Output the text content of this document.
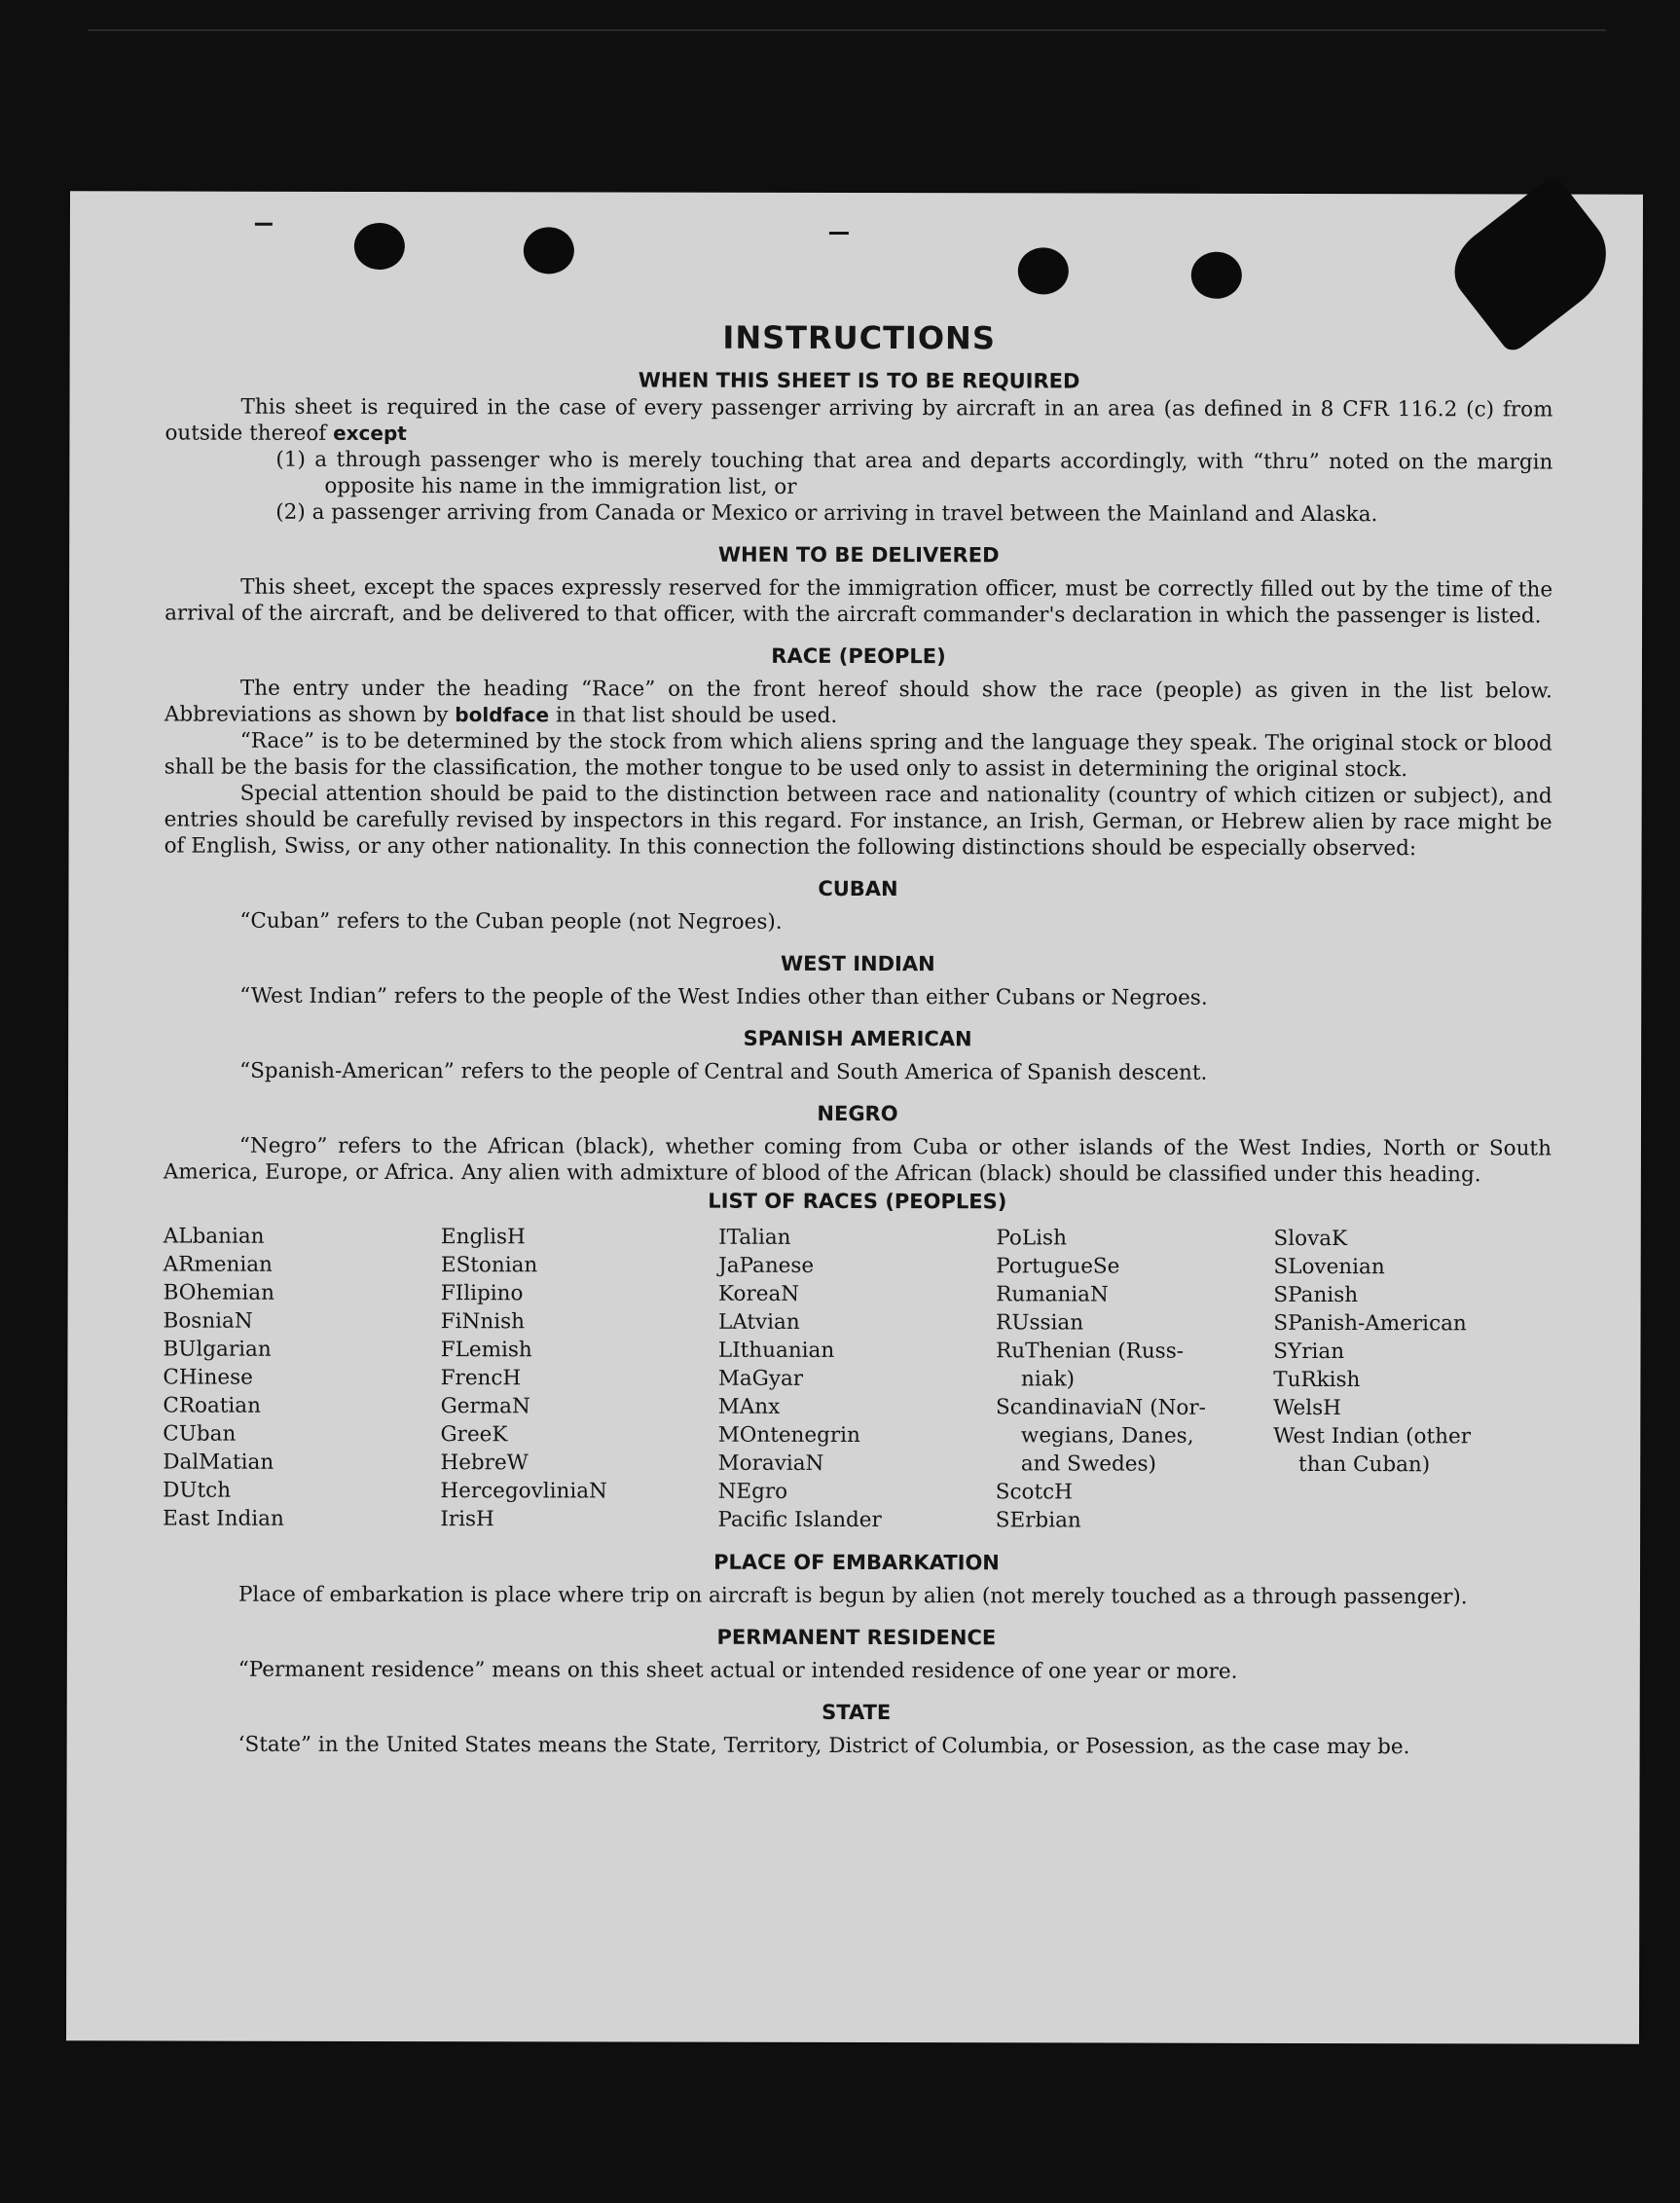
INSTRUCTIONS
WHEN THIS SHEET IS TO BE REQUIRED

This sheet is required in the case of every passenger arriving by aircraft in an area (as defined in 8 CFR 116.2 (c) from outside thereof except

(1) a through passenger who is merely touching that area and departs accordingly, with “thru” noted on the margin opposite his name in the immigration list, or

(2) a passenger arriving from Canada or Mexico or arriving in travel between the Mainland and Alaska.

WHEN TO BE DELIVERED

This sheet, except the spaces expressly reserved for the immigration officer, must be correctly filled out by the time of the arrival of the aircraft, and be delivered to that officer, with the aircraft commander's declaration in which the passenger is listed.

RACE (PEOPLE)

The entry under the heading “Race” on the front hereof should show the race (people) as given in the list below. Abbreviations as shown by boldface in that list should be used.

“Race” is to be determined by the stock from which aliens spring and the language they speak. The original stock or blood shall be the basis for the classification, the mother tongue to be used only to assist in determining the original stock.

Special attention should be paid to the distinction between race and nationality (country of which citizen or subject), and entries should be carefully revised by inspectors in this regard. For instance, an Irish, German, or Hebrew alien by race might be of English, Swiss, or any other nationality. In this connection the following distinctions should be especially observed:

CUBAN

“Cuban” refers to the Cuban people (not Negroes).

WEST INDIAN

“West Indian” refers to the people of the West Indies other than either Cubans or Negroes.

SPANISH AMERICAN

“Spanish-American” refers to the people of Central and South America of Spanish descent.

NEGRO

“Negro” refers to the African (black), whether coming from Cuba or other islands of the West Indies, North or South America, Europe, or Africa. Any alien with admixture of blood of the African (black) should be classified under this heading.

LIST OF RACES (PEOPLES)
ALbanian
ARmenian
BOhemian
BosniaN
BUlgarian
CHinese
CRoatian
CUban
DalMatian
DUtch
East Indian
EnglisH
EStonian
FIlipino
FiNnish
FLemish
FrencH
GermaN
GreeK
HebreW
HercegovliniaN
IrisH
ITalian
JaPanese
KoreaN
LAtvian
LIthuanian
MaGyar
MAnx
MOntenegrin
MoraviaN
NEgro
Pacific Islander
PoLish
PortugueSe
RumaniaN
RUssian
RuThenian (Russ-
niak)
ScandinaviaN (Nor-
wegians, Danes,
and Swedes)
ScotcH
SErbian
SlovaK
SLovenian
SPanish
SPanish-American
SYrian
TuRkish
WelsH
West Indian (other
than Cuban)
PLACE OF EMBARKATION

Place of embarkation is place where trip on aircraft is begun by alien (not merely touched as a through passenger).

PERMANENT RESIDENCE

“Permanent residence” means on this sheet actual or intended residence of one year or more.

STATE

‘State” in the United States means the State, Territory, District of Columbia, or Posession, as the case may be.
